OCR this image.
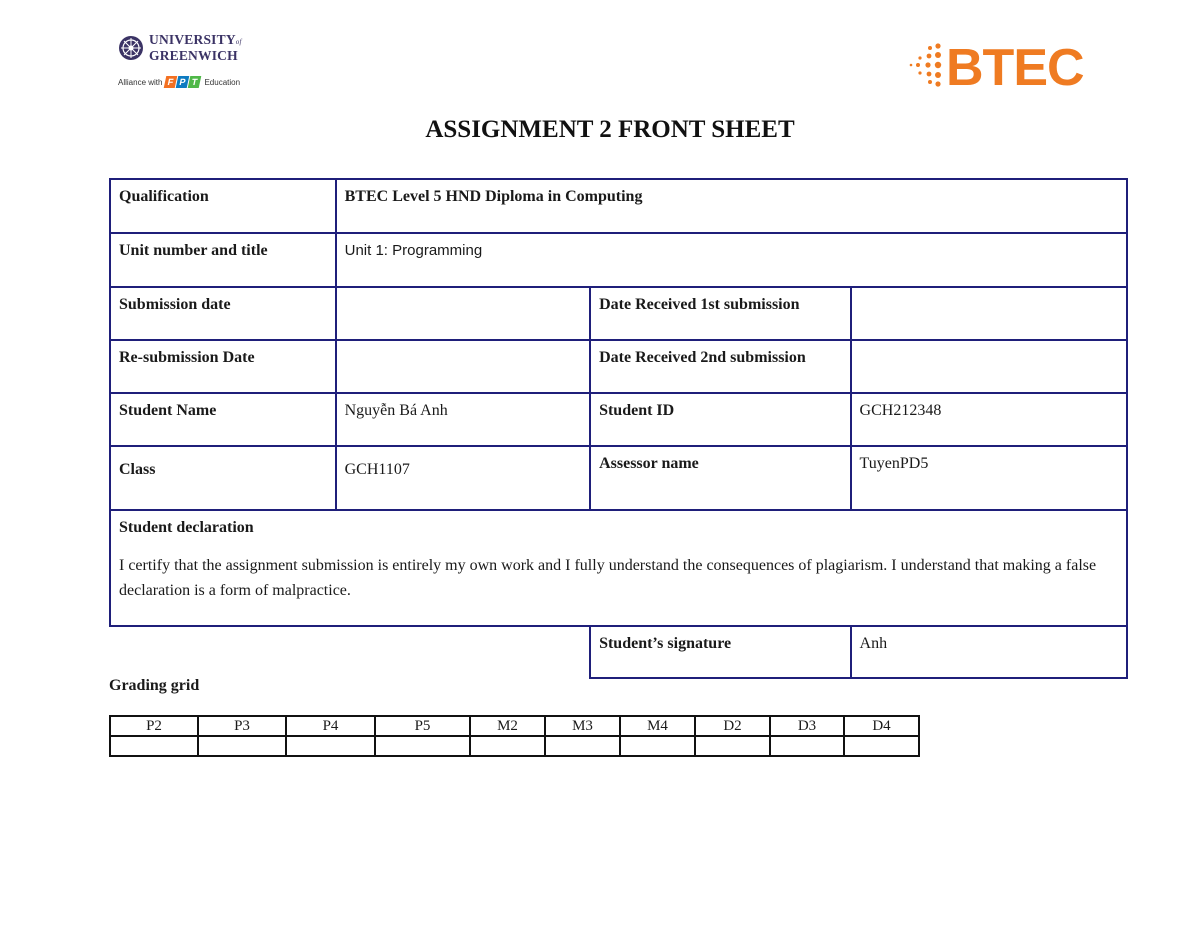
UNIVERSITYof
GREENWICH
Alliance with F P T Education	BTEC
ASSIGNMENT 2 FRONT SHEET
Qualification	BTEC Level 5 HND Diploma in Computing		
Unit number and title	Unit 1: Programming		
Submission date		Date Received 1st submission	
Re-submission Date		Date Received 2nd submission	
Student Name	Nguyễn Bá Anh	Student ID	GCH212348
Class	GCH1107	Assessor name	TuyenPD5

Student declaration
I certify that the assignment submission is entirely my own work and I fully understand the consequences of plagiarism. I understand that making a false declaration is a form of malpractice.			

		Student’s signature	Anh
Grading grid
P2	P3	P4	P5	M2	M3	M4	D2	D3	D4
